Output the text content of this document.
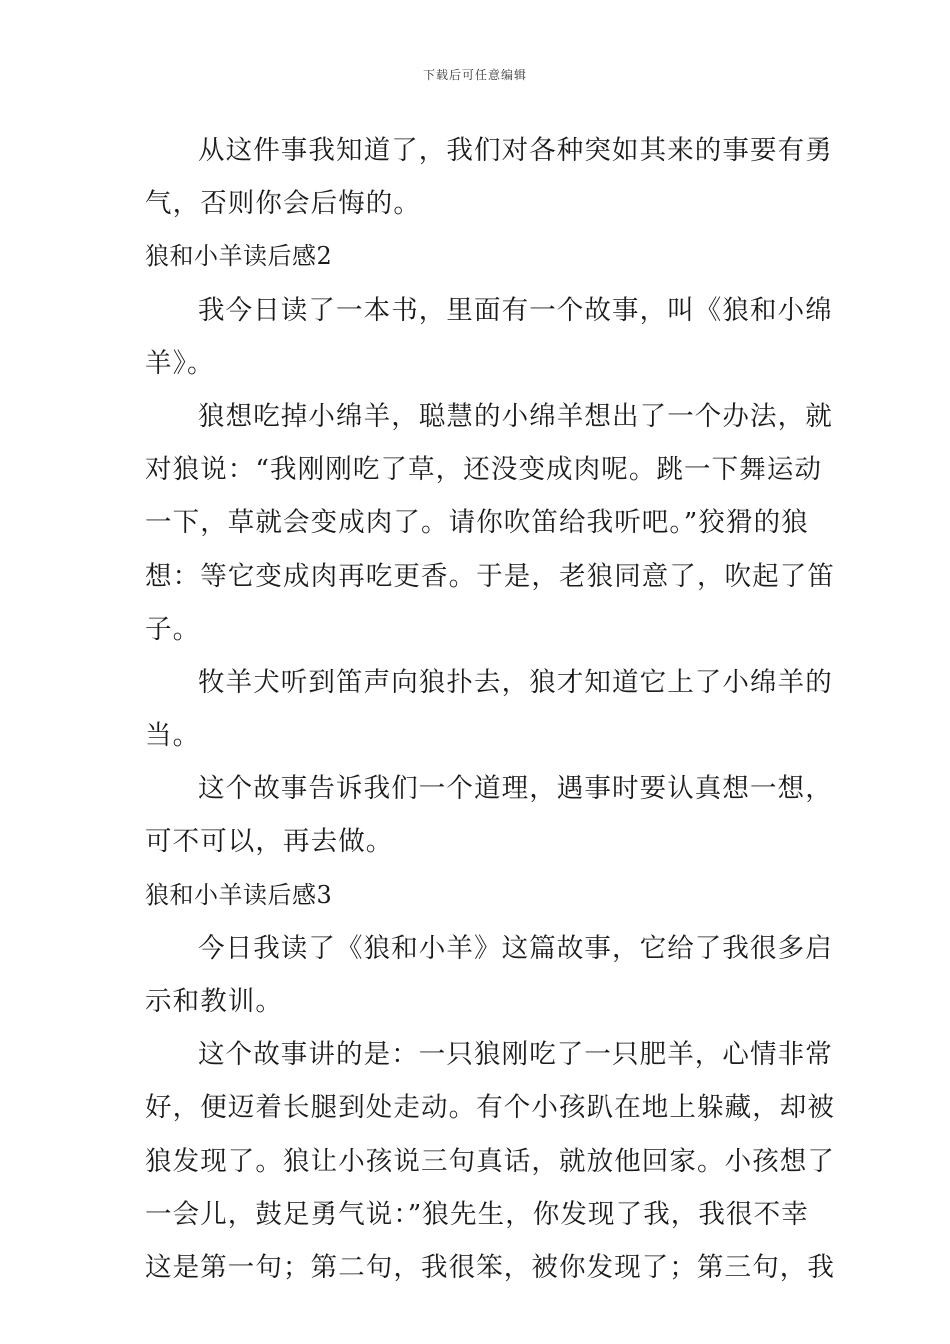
下载后可任意编辑
从这件事我知道了，我们对各种突如其来的事要有勇
气，否则你会后悔的。
狼和小羊读后感2
我今日读了一本书，里面有一个故事，叫《狼和小绵
羊》。
狼想吃掉小绵羊，聪慧的小绵羊想出了一个办法，就
对狼说：“我刚刚吃了草，还没变成肉呢。跳一下舞运动
一下，草就会变成肉了。请你吹笛给我听吧。”狡猾的狼
想：等它变成肉再吃更香。于是，老狼同意了，吹起了笛
子。
牧羊犬听到笛声向狼扑去，狼才知道它上了小绵羊的
当。
这个故事告诉我们一个道理，遇事时要认真想一想，
可不可以，再去做。
狼和小羊读后感3
今日我读了《狼和小羊》这篇故事，它给了我很多启
示和教训。
这个故事讲的是：一只狼刚吃了一只肥羊，心情非常
好，便迈着长腿到处走动。有个小孩趴在地上躲藏，却被
狼发现了。狼让小孩说三句真话，就放他回家。小孩想了
一会儿，鼓足勇气说：”狼先生，你发现了我，我很不幸
这是第一句；第二句，我很笨，被你发现了；第三句，我
